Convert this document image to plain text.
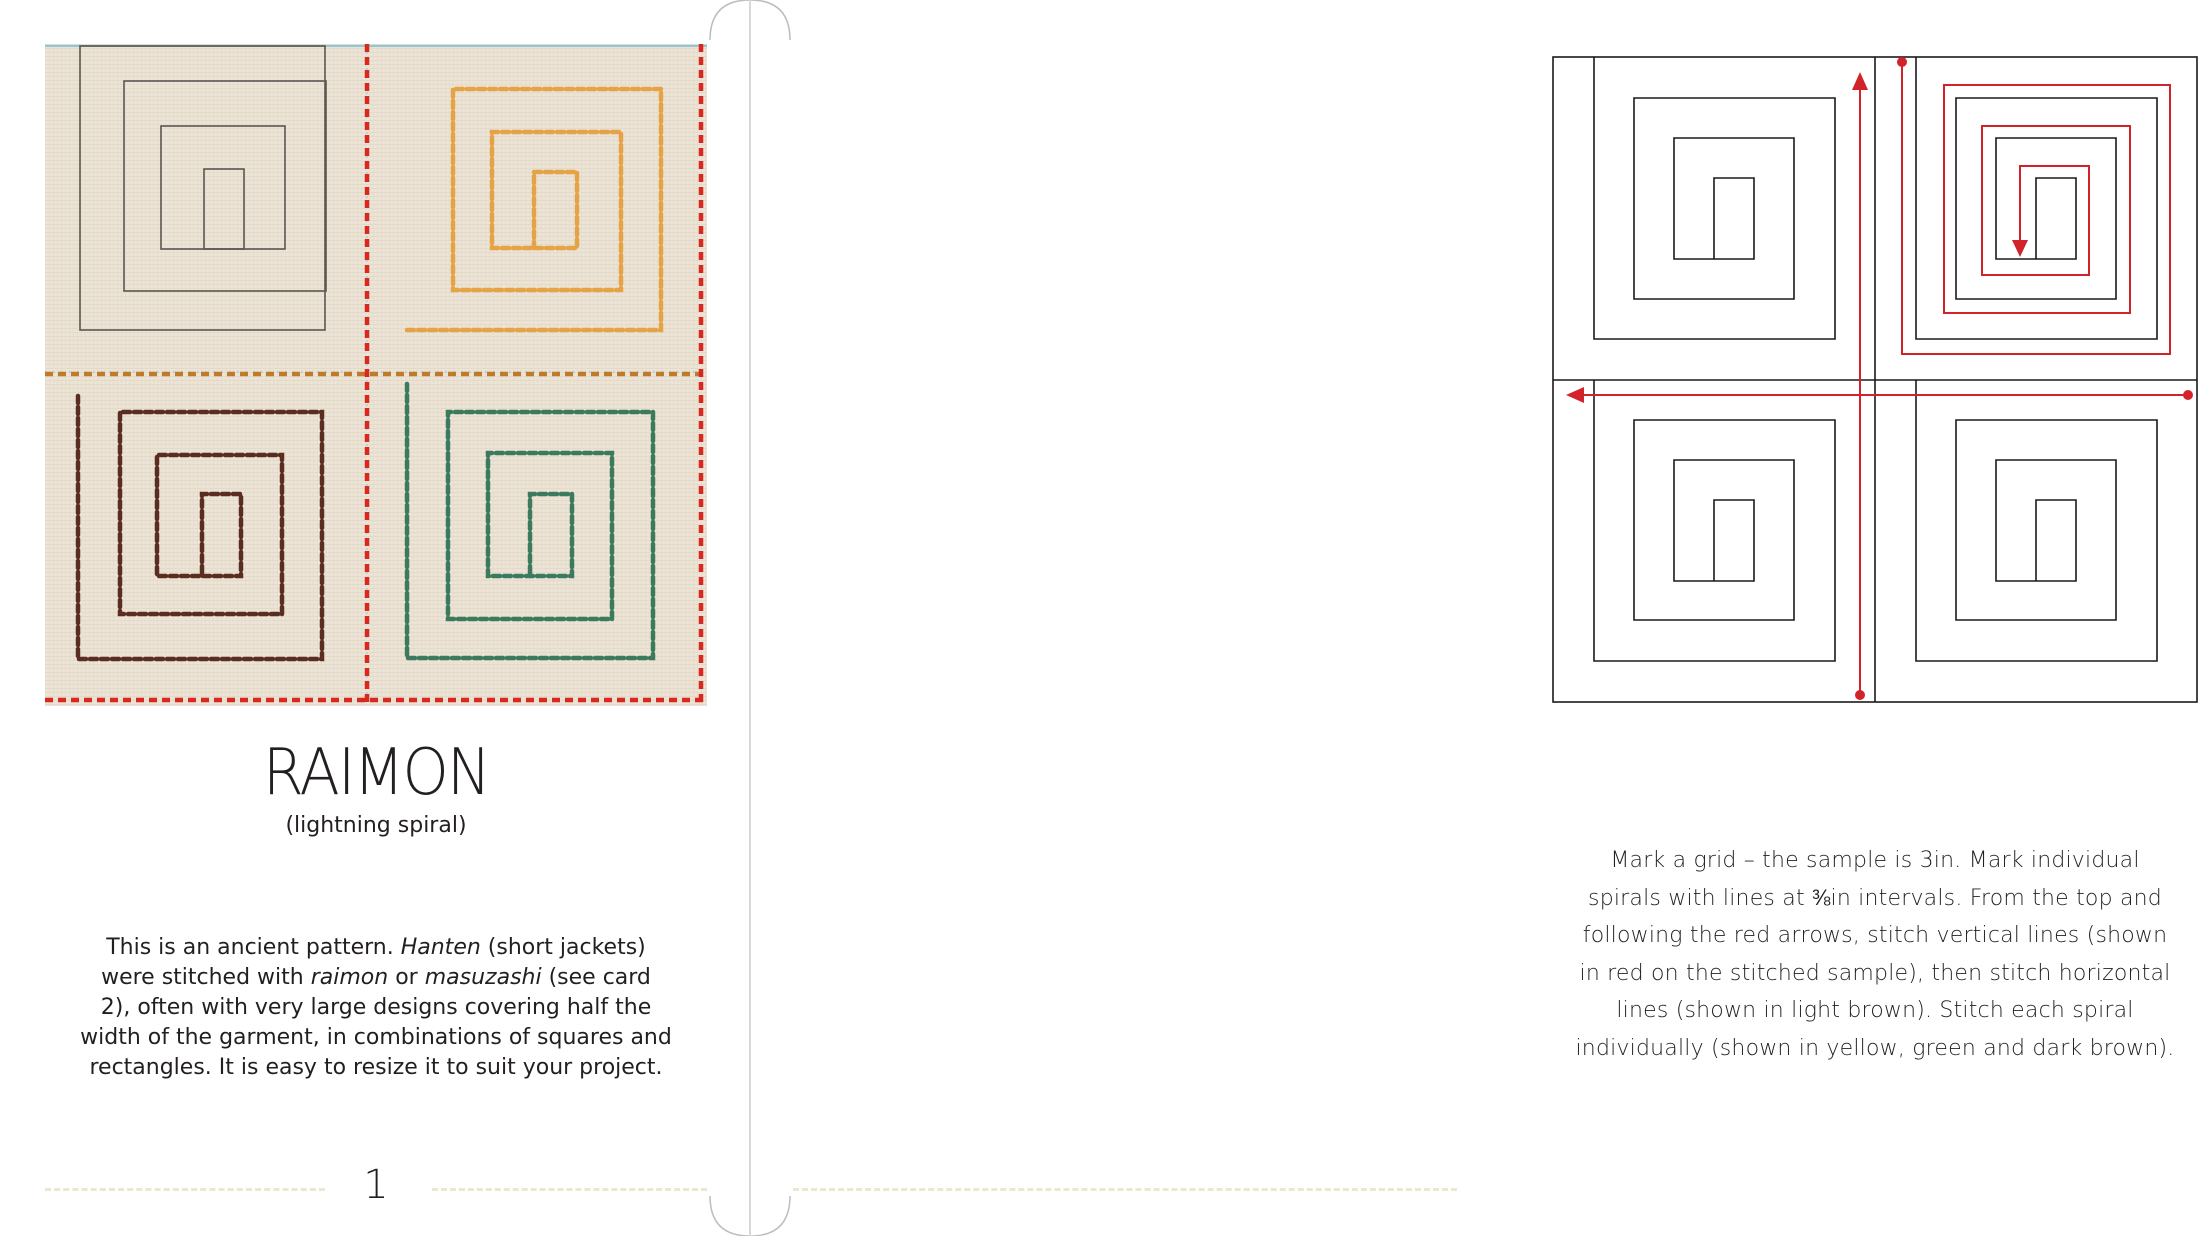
RAIMON
(lightning spiral)
This is an ancient pattern. Hanten (short jackets)
were stitched with raimon or masuzashi (see card
2), often with very large designs covering half the
width of the garment, in combinations of squares and
rectangles. It is easy to resize it to suit your project.
1
Mark a grid – the sample is 3in. Mark individual
spirals with lines at ⅜in intervals. From the top and
following the red arrows, stitch vertical lines (shown
in red on the stitched sample), then stitch horizontal
lines (shown in light brown). Stitch each spiral
individually (shown in yellow, green and dark brown).
